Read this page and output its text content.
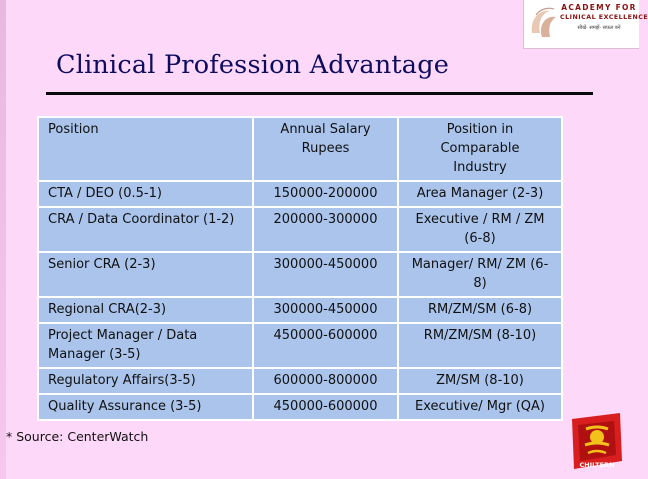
ACADEMY FOR
CLINICAL EXCELLENCE
सीखें· समझें· सफ़ल बनें
Clinical Profession Advantage
Position	Annual Salary Rupees	Position in Comparable Industry
CTA / DEO (0.5-1)	150000-200000	Area Manager (2-3)
CRA / Data Coordinator (1-2)	200000-300000	Executive / RM / ZM (6-8)
Senior CRA (2-3)	300000-450000	Manager/ RM/ ZM (6-8)
Regional CRA(2-3)	300000-450000	RM/ZM/SM (6-8)
Project Manager / Data Manager (3-5)	450000-600000	RM/ZM/SM (8-10)
Regulatory Affairs(3-5)	600000-800000	ZM/SM (8-10)
Quality Assurance (3-5)	450000-600000	Executive/ Mgr (QA)
* Source: CenterWatch
CHILTERN
